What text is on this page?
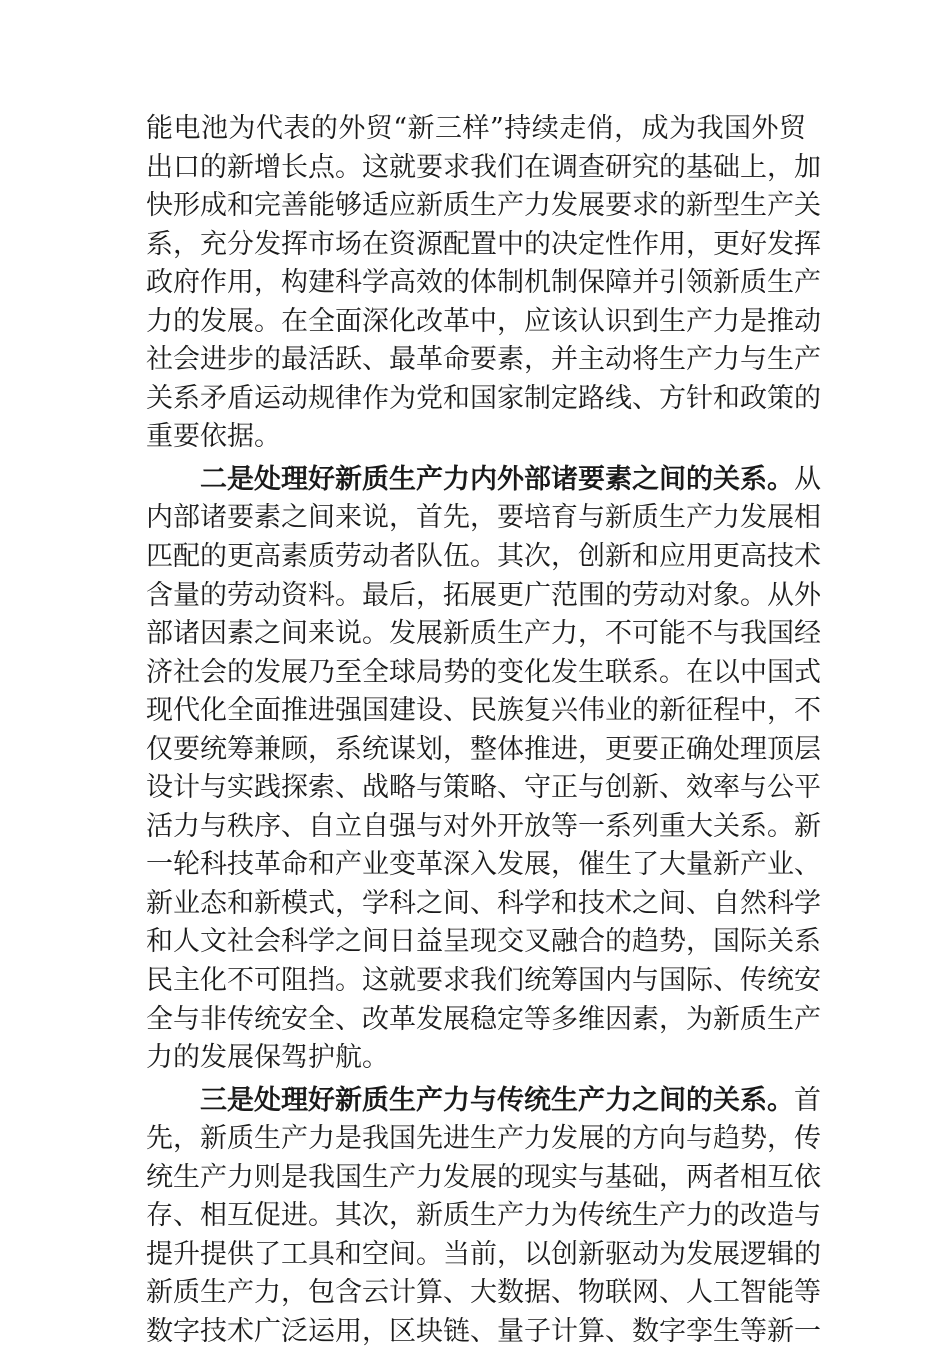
能电池为代表的外贸“新三样”持续走俏，成为我国外贸
出口的新增长点。这就要求我们在调查研究的基础上，加
快形成和完善能够适应新质生产力发展要求的新型生产关
系，充分发挥市场在资源配置中的决定性作用，更好发挥
政府作用，构建科学高效的体制机制保障并引领新质生产
力的发展。在全面深化改革中，应该认识到生产力是推动
社会进步的最活跃、最革命要素，并主动将生产力与生产
关系矛盾运动规律作为党和国家制定路线、方针和政策的
重要依据。
二是处理好新质生产力内外部诸要素之间的关系。从
内部诸要素之间来说，首先，要培育与新质生产力发展相
匹配的更高素质劳动者队伍。其次，创新和应用更高技术
含量的劳动资料。最后，拓展更广范围的劳动对象。从外
部诸因素之间来说。发展新质生产力，不可能不与我国经
济社会的发展乃至全球局势的变化发生联系。在以中国式
现代化全面推进强国建设、民族复兴伟业的新征程中，不
仅要统筹兼顾，系统谋划，整体推进，更要正确处理顶层
设计与实践探索、战略与策略、守正与创新、效率与公平
活力与秩序、自立自强与对外开放等一系列重大关系。新
一轮科技革命和产业变革深入发展，催生了大量新产业、
新业态和新模式，学科之间、科学和技术之间、自然科学
和人文社会科学之间日益呈现交叉融合的趋势，国际关系
民主化不可阻挡。这就要求我们统筹国内与国际、传统安
全与非传统安全、改革发展稳定等多维因素，为新质生产
力的发展保驾护航。
三是处理好新质生产力与传统生产力之间的关系。首
先，新质生产力是我国先进生产力发展的方向与趋势，传
统生产力则是我国生产力发展的现实与基础，两者相互依
存、相互促进。其次，新质生产力为传统生产力的改造与
提升提供了工具和空间。当前，以创新驱动为发展逻辑的
新质生产力，包含云计算、大数据、物联网、人工智能等
数字技术广泛运用，区块链、量子计算、数字孪生等新一
